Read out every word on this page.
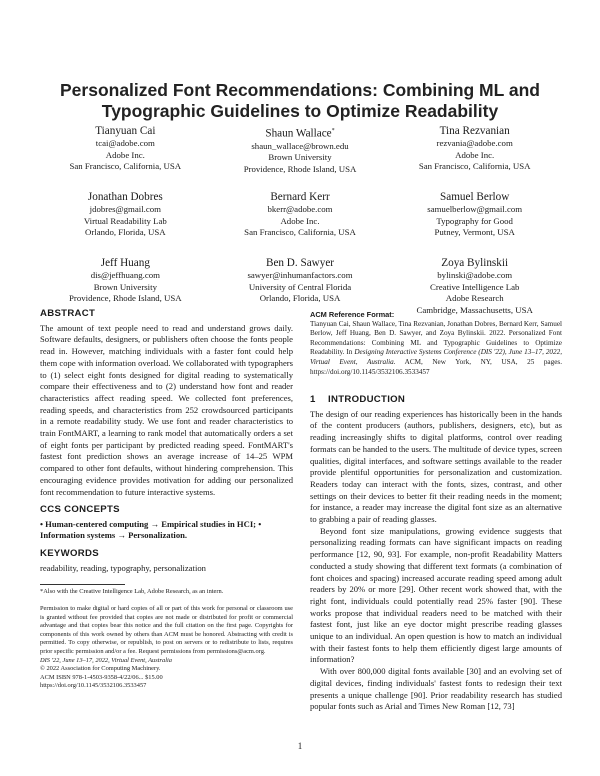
Personalized Font Recommendations: Combining ML and
Typographic Guidelines to Optimize Readability
Tianyuan Cai
tcai@adobe.com
Adobe Inc.
San Francisco, California, USA
Shaun Wallace*
shaun_wallace@brown.edu
Brown University
Providence, Rhode Island, USA
Tina Rezvanian
rezvania@adobe.com
Adobe Inc.
San Francisco, California, USA
Jonathan Dobres
jdobres@gmail.com
Virtual Readability Lab
Orlando, Florida, USA
Bernard Kerr
bkerr@adobe.com
Adobe Inc.
San Francisco, California, USA
Samuel Berlow
samuelberlow@gmail.com
Typography for Good
Putney, Vermont, USA
Jeff Huang
dis@jeffhuang.com
Brown University
Providence, Rhode Island, USA
Ben D. Sawyer
sawyer@inhumanfactors.com
University of Central Florida
Orlando, Florida, USA
Zoya Bylinskii
bylinski@adobe.com
Creative Intelligence Lab
Adobe Research
Cambridge, Massachusetts, USA
ABSTRACT

The amount of text people need to read and understand grows daily. Software defaults, designers, or publishers often choose the fonts people read in. However, matching individuals with a faster font could help them cope with information overload. We collaborated with typographers to (1) select eight fonts designed for digital reading to systematically compare their effectiveness and to (2) understand how font and reader characteristics affect reading speed. We collected font preferences, reading speeds, and characteristics from 252 crowdsourced participants in a remote readability study. We use font and reader characteristics to train FontMART, a learning to rank model that automatically orders a set of eight fonts per participant by predicted reading speed. FontMART's fastest font prediction shows an average increase of 14–25 WPM compared to other font defaults, without hindering comprehension. This encouraging evidence provides motivation for adding our personalized font recommendation to future interactive systems.

CCS CONCEPTS

• Human-centered computing → Empirical studies in HCI; • Information systems → Personalization.

KEYWORDS

readability, reading, typography, personalization

*Also with the Creative Intelligence Lab, Adobe Research, as an intern.

Permission to make digital or hard copies of all or part of this work for personal or classroom use is granted without fee provided that copies are not made or distributed for profit or commercial advantage and that copies bear this notice and the full citation on the first page. Copyrights for components of this work owned by others than ACM must be honored. Abstracting with credit is permitted. To copy otherwise, or republish, to post on servers or to redistribute to lists, requires prior specific permission and/or a fee. Request permissions from permissions@acm.org.

DIS '22, June 13–17, 2022, Virtual Event, Australia

© 2022 Association for Computing Machinery.

ACM ISBN 978-1-4503-9358-4/22/06... $15.00

https://doi.org/10.1145/3532106.3533457

ACM Reference Format:

Tianyuan Cai, Shaun Wallace, Tina Rezvanian, Jonathan Dobres, Bernard Kerr, Samuel Berlow, Jeff Huang, Ben D. Sawyer, and Zoya Bylinskii. 2022. Personalized Font Recommendations: Combining ML and Typographic Guidelines to Optimize Readability. In Designing Interactive Systems Conference (DIS '22), June 13–17, 2022, Virtual Event, Australia. ACM, New York, NY, USA, 25 pages. https://doi.org/10.1145/3532106.3533457

1 INTRODUCTION

The design of our reading experiences has historically been in the hands of the content producers (authors, publishers, designers, etc), but as reading increasingly shifts to digital platforms, control over reading formats can be handed to the users. The multitude of device types, screen qualities, digital interfaces, and software settings available to the reader provide plentiful opportunities for personalization and customization. Readers today can interact with the fonts, sizes, contrast, and other settings on their devices to better fit their reading needs in the moment; for instance, a reader may increase the digital font size as an alternative to grabbing a pair of reading glasses.

Beyond font size manipulations, growing evidence suggests that personalizing reading formats can have significant impacts on reading performance [12, 90, 93]. For example, non-profit Readability Matters conducted a study showing that different text formats (a combination of font choices and spacing) increased accurate reading speed among adult readers by 20% or more [29]. Other recent work showed that, with the right font, individuals could potentially read 25% faster [90]. These works propose that individual readers need to be matched with their fastest font, just like an eye doctor might prescribe reading glasses unique to an individual. An open question is how to match an individual with their fastest fonts to help them efficiently digest large amounts of information?

With over 800,000 digital fonts available [30] and an evolving set of digital devices, finding individuals' fastest fonts to redesign their text presents a unique challenge [90]. Prior readability research has studied popular fonts such as Arial and Times New Roman [12, 73]

1
